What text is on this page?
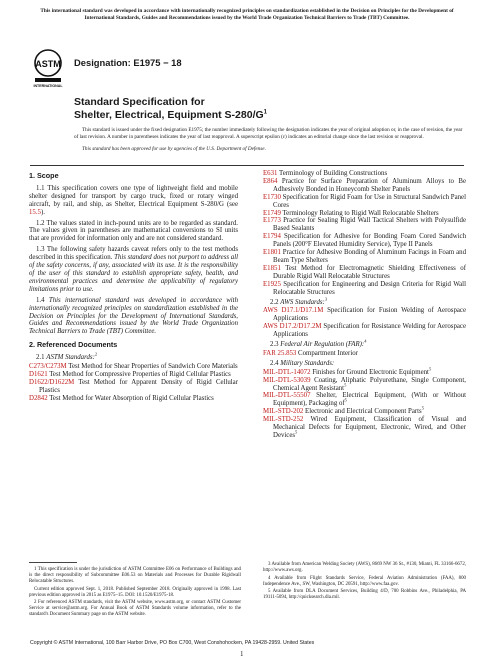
This international standard was developed in accordance with internationally recognized principles on standardization established in the Decision on Principles for the Development of International Standards, Guides and Recommendations issued by the World Trade Organization Technical Barriers to Trade (TBT) Committee.
ASTM
INTERNATIONAL
Designation: E1975 − 18
Standard Specification for
Shelter, Electrical, Equipment $S-280/G^1$

This standard is issued under the fixed designation E1975; the number immediately following the designation indicates the year of original adoption or, in the case of revision, the year of last revision. A number in parentheses indicates the year of last reapproval. A superscript epsilon (ε) indicates an editorial change since the last revision or reapproval.

This standard has been approved for use by agencies of the U.S. Department of Defense.

1. Scope

1.1 This specification covers one type of lightweight field and mobile shelter designed for transport by cargo truck, fixed or rotary winged aircraft, by rail, and ship, as Shelter, Electrical Equipment S-280/G (see 15.5).

1.2 The values stated in inch-pound units are to be regarded as standard. The values given in parentheses are mathematical conversions to SI units that are provided for information only and are not considered standard.

1.3 The following safety hazards caveat refers only to the test methods described in this specification. This standard does not purport to address all of the safety concerns, if any, associated with its use. It is the responsibility of the user of this standard to establish appropriate safety, health, and environmental practices and determine the applicability of regulatory limitations prior to use.

1.4 This international standard was developed in accordance with internationally recognized principles on standardization established in the Decision on Principles for the Development of International Standards, Guides and Recommendations issued by the World Trade Organization Technical Barriers to Trade (TBT) Committee.

2. Referenced Documents

2.1 ASTM Standards:$^2$

C273/C273M Test Method for Shear Properties of Sandwich Core Materials

D1621 Test Method for Compressive Properties of Rigid Cellular Plastics

D1622/D1622M Test Method for Apparent Density of Rigid Cellular Plastics

D2842 Test Method for Water Absorption of Rigid Cellular Plastics

E631 Terminology of Building Constructions

E864 Practice for Surface Preparation of Aluminum Alloys to Be Adhesively Bonded in Honeycomb Shelter Panels

E1730 Specification for Rigid Foam for Use in Structural Sandwich Panel Cores

E1749 Terminology Relating to Rigid Wall Relocatable Shelters

E1773 Practice for Sealing Rigid Wall Tactical Shelters with Polysulfide Based Sealants

E1794 Specification for Adhesive for Bonding Foam Cored Sandwich Panels (200°F Elevated Humidity Service), Type II Panels

E1801 Practice for Adhesive Bonding of Aluminum Facings in Foam and Beam Type Shelters

E1851 Test Method for Electromagnetic Shielding Effectiveness of Durable Rigid Wall Relocatable Structures

E1925 Specification for Engineering and Design Criteria for Rigid Wall Relocatable Structures

2.2 AWS Standards:$^3$

AWS D17.1/D17.1M Specification for Fusion Welding of Aerospace Applications

AWS D17.2/D17.2M Specification for Resistance Welding for Aerospace Applications

2.3 Federal Air Regulation (FAR):$^4$

FAR 25.853 Compartment Interior

2.4 Military Standards:

MIL-DTL-14072 Finishes for Ground Electronic Equipment$^5$

MIL-DTL-53039 Coating, Aliphatic Polyurethane, Single Component, Chemical Agent Resistant$^5$

MIL-DTL-55507 Shelter, Electrical Equipment, (With or Without Equipment), Packaging $of^5$

MIL-STD-202 Electronic and Electrical Component Parts$^5$

MIL-STD-252 Wired Equipment, Classification of Visual and Mechanical Defects for Equipment, Electronic, Wired, and Other Devices$^5$

1 This specification is under the jurisdiction of ASTM Committee E06 on Performance of Buildings and is the direct responsibility of Subcommittee E06.53 on Materials and Processes for Durable Rigidwall Relocatable Structures.

Current edition approved Sept. 1, 2018. Published September 2018. Originally approved in 1998. Last previous edition approved in 2015 as E1975–15. DOI: 10.1520/E1975-18.

2 For referenced ASTM standards, visit the ASTM website, www.astm.org, or contact ASTM Customer Service at service@astm.org. For Annual Book of ASTM Standards volume information, refer to the standard's Document Summary page on the ASTM website.

3 Available from American Welding Society (AWS), 8669 NW 36 St., #130, Miami, FL 33166-6672, http://www.aws.org.

4 Available from Flight Standards Service, Federal Aviation Administration (FAA), 800 Independence Ave., SW, Washington, DC 20591, http://www.faa.gov.

5 Available from DLA Document Services, Building 4/D, 700 Robbins Ave., Philadelphia, PA 19111-5094, http://quicksearch.dla.mil.

Copyright © ASTM International, 100 Barr Harbor Drive, PO Box C700, West Conshohocken, PA 19428-2959. United States
1
